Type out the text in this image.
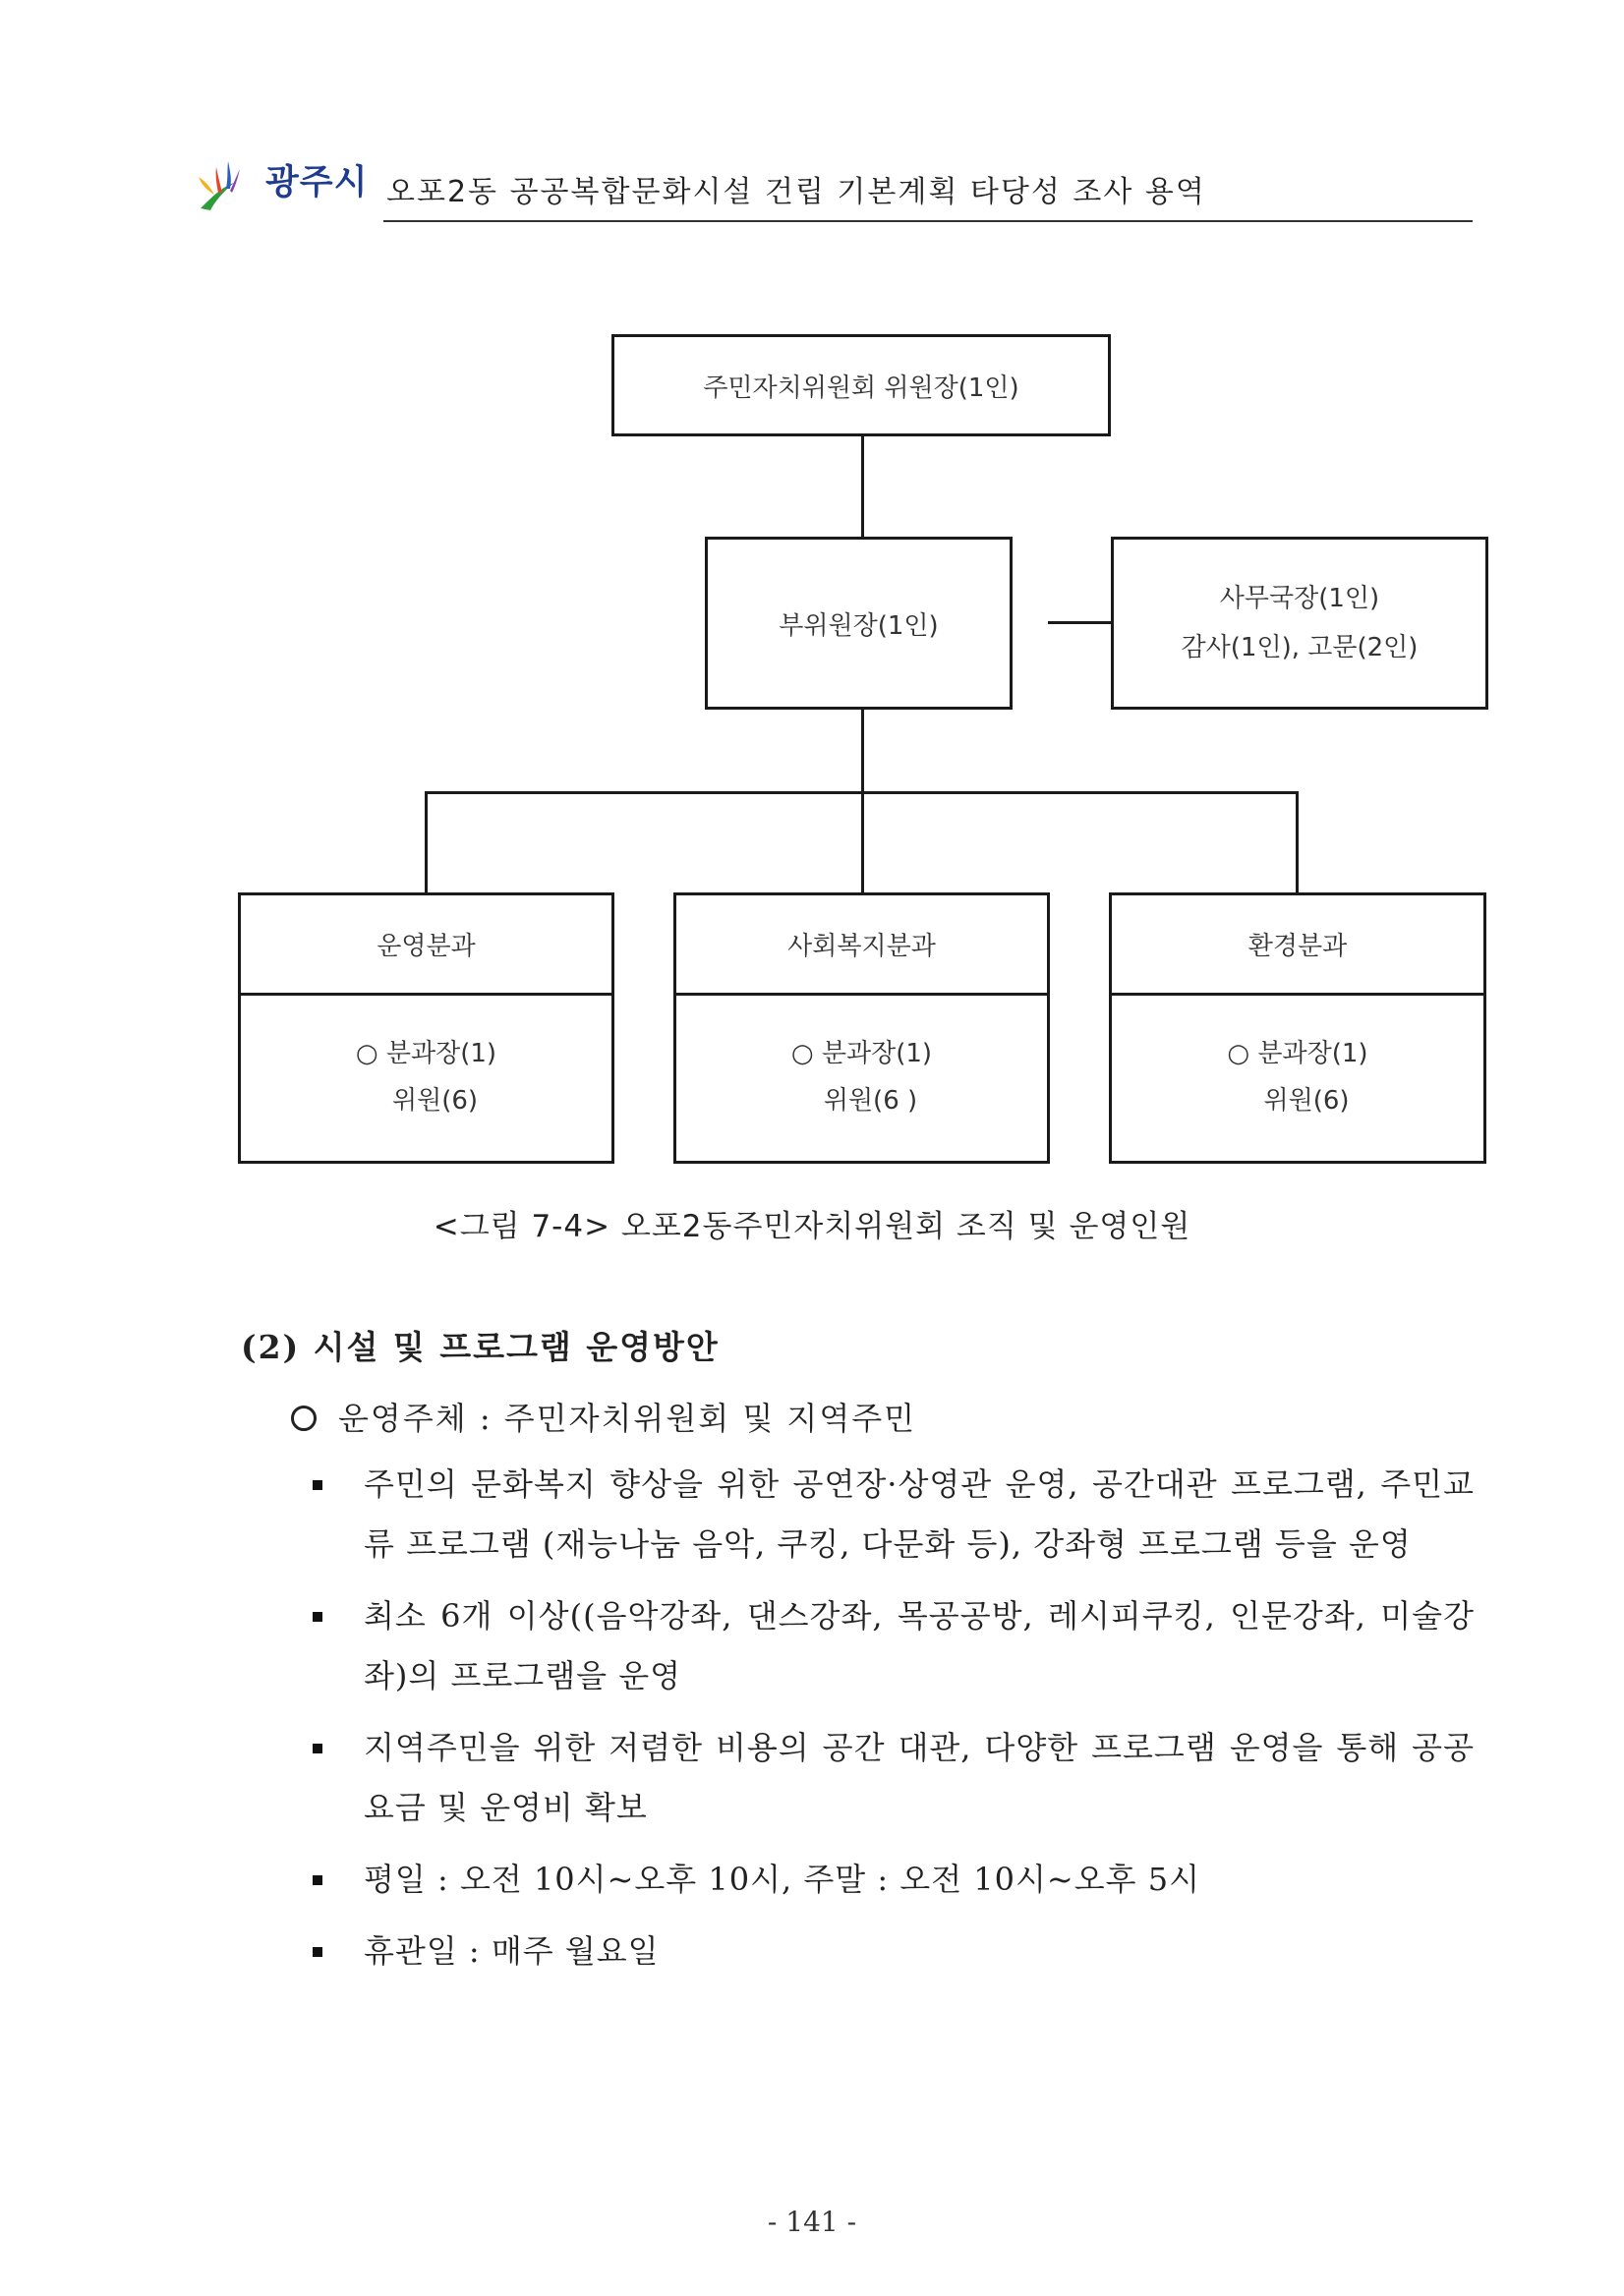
광주시 오포2동 공공복합문화시설 건립 기본계획 타당성 조사 용역
주민자치위원회 위원장(1인)
부위원장(1인)
사무국장(1인)
감사(1인), 고문(2인)
운영분과
○ 분과장(1)
위원(6)
사회복지분과
○ 분과장(1)
위원(6 )
환경분과
○ 분과장(1)
위원(6)
<그림 7-4> 오포2동주민자치위원회 조직 및 운영인원
(2) 시설 및 프로그램 운영방안
운영주체 : 주민자치위원회 및 지역주민
주민의 문화복지 향상을 위한 공연장·상영관 운영, 공간대관 프로그램, 주민교류 프로그램 (재능나눔 음악, 쿠킹, 다문화 등), 강좌형 프로그램 등을 운영
최소 6개 이상((음악강좌, 댄스강좌, 목공공방, 레시피쿠킹, 인문강좌, 미술강좌)의 프로그램을 운영
지역주민을 위한 저렴한 비용의 공간 대관, 다양한 프로그램 운영을 통해 공공요금 및 운영비 확보
평일 : 오전 10시~오후 10시, 주말 : 오전 10시~오후 5시
휴관일 : 매주 월요일
- 141 -
